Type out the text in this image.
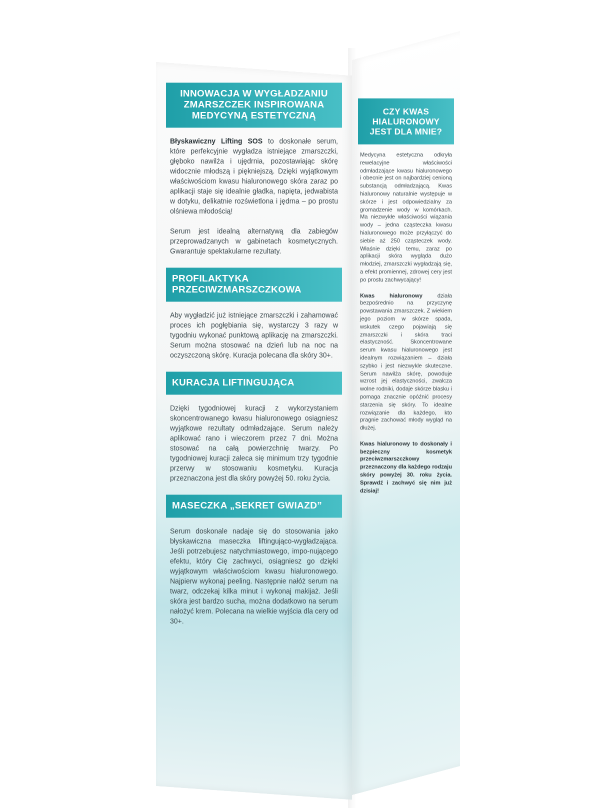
INNOWACJA W WYGŁADZANIU ZMARSZCZEK INSPIROWANA MEDYCYNĄ ESTETYCZNĄ

Błyskawiczny Lifting SOS to doskonałe serum, które perfekcyjnie wygładza istniejące zmarszczki, głęboko nawilża i ujędrnia, pozostawiając skórę widocznie młodszą i piękniejszą. Dzięki wyjątkowym właściwościom kwasu hialuronowego skóra zaraz po aplikacji staje się idealnie gładka, napięta, jedwabista w dotyku, delikatnie rozświetlona i jędrna – po prostu olśniewa młodością!

Serum jest idealną alternatywą dla zabiegów przeprowadzanych w gabinetach kosmetycznych. Gwarantuje spektakularne rezultaty.

PROFILAKTYKA PRZECIWZMARSZCZKOWA

Aby wygładzić już istniejące zmarszczki i zahamować proces ich pogłębiania się, wystarczy 3 razy w tygodniu wykonać punktową aplikację na zmarszczki. Serum można stosować na dzień lub na noc na oczyszczoną skórę. Kuracja polecana dla skóry 30+.

KURACJA LIFTINGUJĄCA

Dzięki tygodniowej kuracji z wykorzystaniem skoncentrowanego kwasu hialuronowego osiągniesz wyjątkowe rezultaty odmładzające. Serum należy aplikować rano i wieczorem przez 7 dni. Można stosować na całą powierzchnię twarzy. Po tygodniowej kuracji zaleca się minimum trzy tygodnie przerwy w stosowaniu kosmetyku. Kuracja przeznaczona jest dla skóry powyżej 50. roku życia.

MASECZKA „SEKRET GWIAZD”

Serum doskonale nadaje się do stosowania jako błyskawiczna maseczka liftingująco-wygładzająca. Jeśli potrzebujesz natychmiastowego, impo-nującego efektu, który Cię zachwyci, osiągniesz go dzięki wyjątkowym właściwościom kwasu hialuronowego. Najpierw wykonaj peeling. Następnie nałóż serum na twarz, odczekaj kilka minut i wykonaj makijaż. Jeśli skóra jest bardzo sucha, można dodatkowo na serum nałożyć krem. Polecana na wielkie wyjścia dla cery od 30+.

CZY KWAS HIALURONOWY JEST DLA MNIE?

Medycyna estetyczna odkryła rewelacyjne właściwości odmładzające kwasu hialuronowego i obecnie jest on najbardziej cenioną substancją odmładzającą. Kwas hialuronowy naturalnie występuje w skórze i jest odpowiedzialny za gromadzenie wody w komórkach. Ma niezwykłe właściwości wiązania wody – jedna cząsteczka kwasu hialuronowego może przyłączyć do siebie aż 250 cząsteczek wody. Właśnie dzięki temu, zaraz po aplikacji skóra wygląda dużo młodziej, zmarszczki wygładzają się, a efekt promiennej, zdrowej cery jest po prostu zachwycający!

Kwas hialuronowy działa bezpośrednio na przyczynę powstawania zmarszczek. Z wiekiem jego poziom w skórze spada, wskutek czego pojawiają się zmarszczki i skóra traci elastyczność. Skoncentrowane serum kwasu hialuronowego jest idealnym rozwiązaniem – działa szybko i jest niezwykle skuteczne. Serum nawilża skórę, powoduje wzrost jej elastyczności, zwalcza wolne rodniki, dodaje skórze blasku i pomaga znacznie opóźnić procesy starzenia się skóry. To idealne rozwiązanie dla każdego, kto pragnie zachować młody wygląd na dłużej.

Kwas hialuronowy to doskonały i bezpieczny kosmetyk przeciwzmarszczkowy przeznaczony dla każdego rodzaju skóry powyżej 30. roku życia. Sprawdź i zachwyć się nim już dzisiaj!
